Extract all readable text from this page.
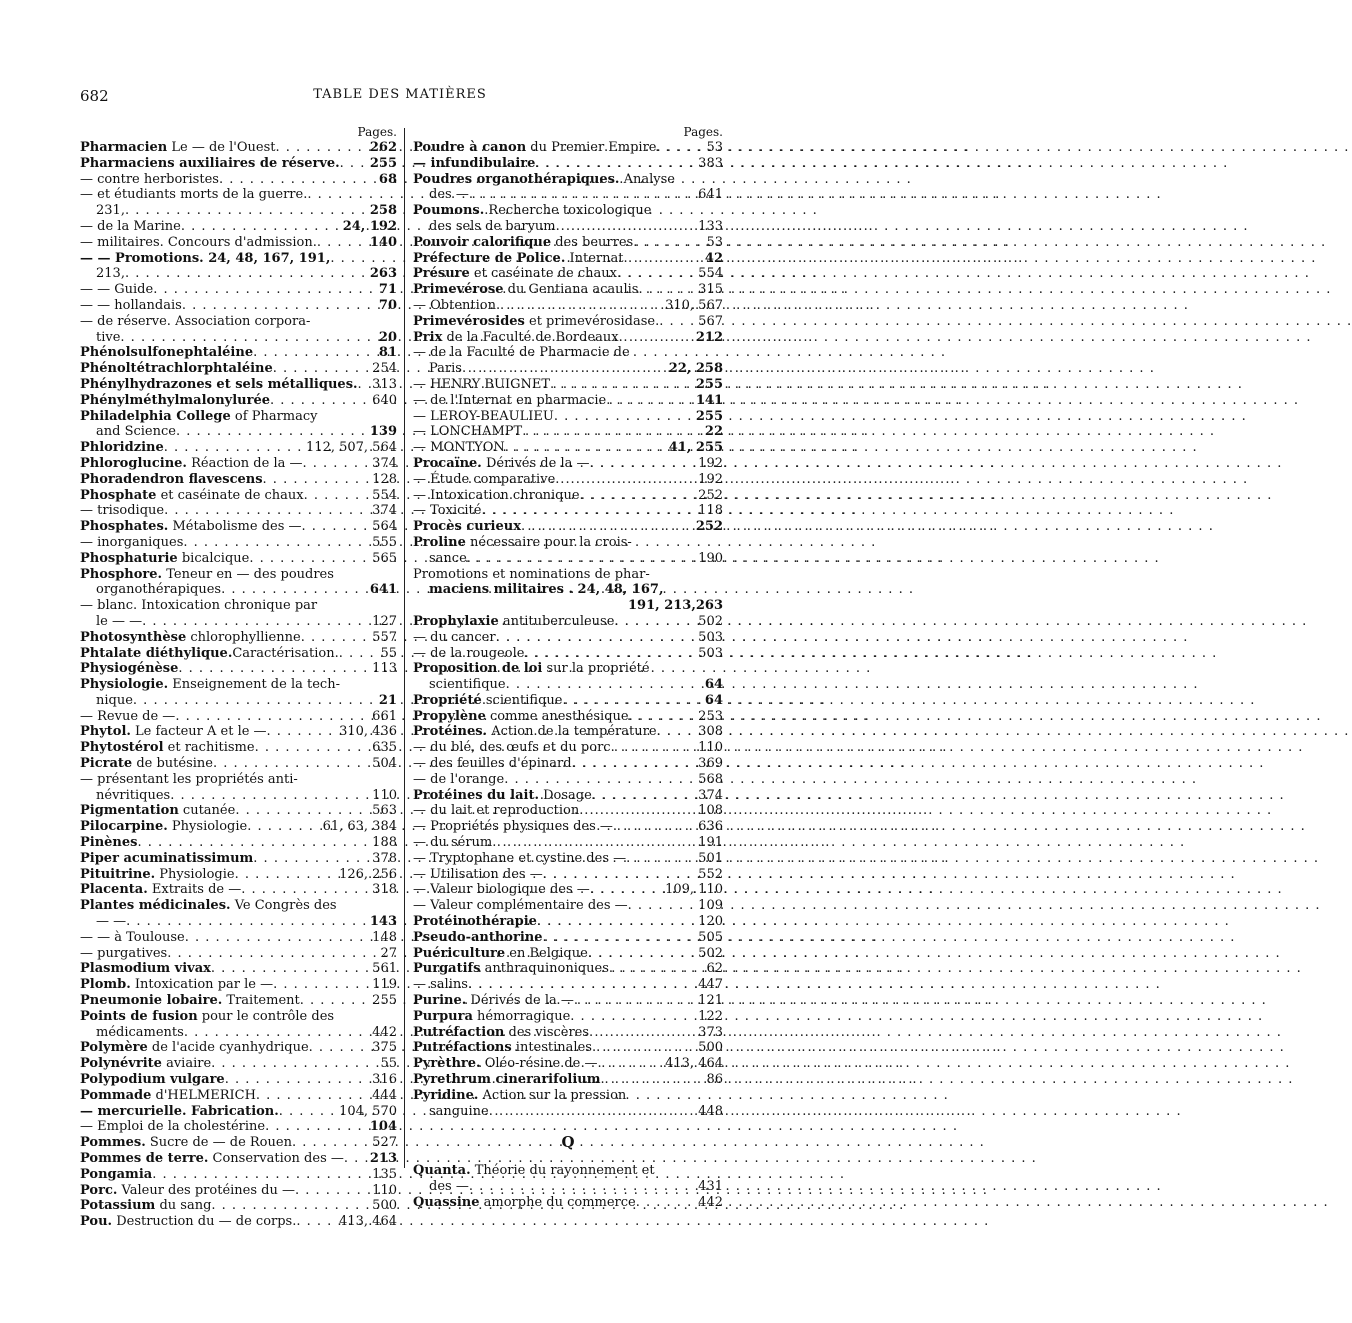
682	TABLE DES MATIÈRES
Pages.
Pharmacien Le — de l'Ouest . . .	262
Pharmaciens auxiliaires de réserve. . . . 255
— contre herboristes . . .	68
— et étudiants morts de la guerre.
. . .
231, . . .	258
— de la Marine . . .	24, 192
— militaires. Concours d'admission. . . .	140
— — Promotions. 24, 48, 167, 191,
. . .
213, . . .	263
— — Guide . . .	71
— — hollandais . . .	70
— de réserve. Association corpora-
tive . . .	20
Phénolsulfonephtaléine . . .	81
Phénoltétrachlorphtaléine . . .	254
Phénylhydrazones et sels métalliques. . . . 313
Phénylméthylmalonylurée . . .	640
Philadelphia College of Pharmacy
and Science . . .	139
Phloridzine . . .	112, 507, 564
Phloroglucine. Réaction de la — . . .	374
Phoradendron flavescens . . .	128
Phosphate et caséinate de chaux . . .	554
— trisodique . . .	374
Phosphates. Métabolisme des — . . .	564
— inorganiques . . .	555
Phosphaturie bicalcique . . .	565
Phosphore. Teneur en — des poudres
organothérapiques . . .	641
— blanc. Intoxication chronique par
le — — . . .	127
Photosynthèse chlorophyllienne . . .	557
Phtalate diéthylique.Caractérisation. . . .	55
Physiogénèse . . .	113
Physiologie. Enseignement de la tech-
nique . . .	21
— Revue de — . . .	661
Phytol. Le facteur A et le — . . .	310, 436
Phytostérol et rachitisme . . .	635
Picrate de butésine . . .	504
— présentant les propriétés anti-
névritiques . . .	110
Pigmentation cutanée . . .	563
Pilocarpine. Physiologie . . .	61, 63, 384
Pinènes . . .	188
Piper acuminatissimum . . .	378
Pituitrine. Physiologie . . .	126, 256
Placenta. Extraits de — . . .	318
Plantes médicinales. Ve Congrès des
— — . . .	143
— — à Toulouse . . .	148
— purgatives . . .	27
Plasmodium vivax . . .	561
Plomb. Intoxication par le — . . .	119
Pneumonie lobaire. Traitement . . .	255
Points de fusion pour le contrôle des
médicaments . . .	442
Polymère de l'acide cyanhydrique . . .	375
Polynévrite aviaire . . .	55
Polypodium vulgare . . .	316
Pommade d'HELMERICH . . .	444
— mercurielle. Fabrication. . . .	104, 570
— Emploi de la cholestérine . . .	104
Pommes. Sucre de — de Rouen . . .	527
Pommes de terre. Conservation des — . . . 213
Pongamia . . .	135
Porc. Valeur des protéines du — . . .	110
Potassium du sang . . .	500
Pou. Destruction du — de corps. . . .	413, 464
Pages.
Poudre à canon du Premier Empire . . .	53
— infundibulaire . . .	383
Poudres organothérapiques. Analyse
des — . . .	641
Poumons. Recherche toxicologique
des sels de baryum . . .	133
Pouvoir calorifique des beurres . . .	53
Préfecture de Police. Internat . . .	42
Présure et caséinate de chaux . . .	554
Primevérose du Gentiana acaulis . . .	315
— Obtention . . .	310, 567
Primevérosides et primevérosidase. . . .	567
Prix de la Faculté de Bordeaux . . .	212
— de la Faculté de Pharmacie de
Paris . . .	22, 258
— HENRY BUIGNET . . .	255
— de l'Internat en pharmacie . . .	141
— LEROY-BEAULIEU . . .	255
— LONCHAMPT . . .	22
— MONTYON . . .	41, 255
Procaïne. Dérivés de la — . . .	192
— Étude comparative . . .	192
— Intoxication chronique . . .	252
— Toxicité . . .	118
Procès curieux . . .	252
Proline nécessaire pour la crois-
sance . . .	190
Promotions et nominations de phar-
maciens militaires . 24, 48, 167,
191, 213, 263
Prophylaxie antituberculeuse . . .	502
— du cancer . . .	503
— de la rougeole . . .	503
Proposition de loi sur la propriété
scientifique . . .	64
Propriété scientifique . . .	64
Propylène comme anesthésique . . .	253
Protéines. Action de la température . . .	308
— du blé, des œufs et du porc . . .	110
— des feuilles d'épinard . . .	369
— de l'orange . . .	568
Protéines du lait. Dosage . . .	374
— du lait et reproduction . . .	108
— Propriétés physiques des — . . .	636
— du sérum . . .	191
— Tryptophane et cystine des — . . .	501
— Utilisation des — . . .	552
— Valeur biologique des — . . .	109, 110
— Valeur complémentaire des — . . .	109
Protéinothérapie . . .	120
Pseudo-anthorine . . .	505
Puériculture en Belgique . . .	502
Purgatifs anthraquinoniques . . .	62
— salins . . .	447
Purine. Dérivés de la — . . .	121
Purpura hémorragique . . .	122
Putréfaction des viscères . . .	373
Putréfactions intestinales . . .	500
Pyrèthre. Oléo-résine de — . . .	413, 464
Pyrethrum cinerarifolium . . .	86
Pyridine. Action sur la pression
sanguine . . .	448
Q
Quanta. Théorie du rayonnement et
des — . . .	431
Quassine amorphe du commerce . . .	442
